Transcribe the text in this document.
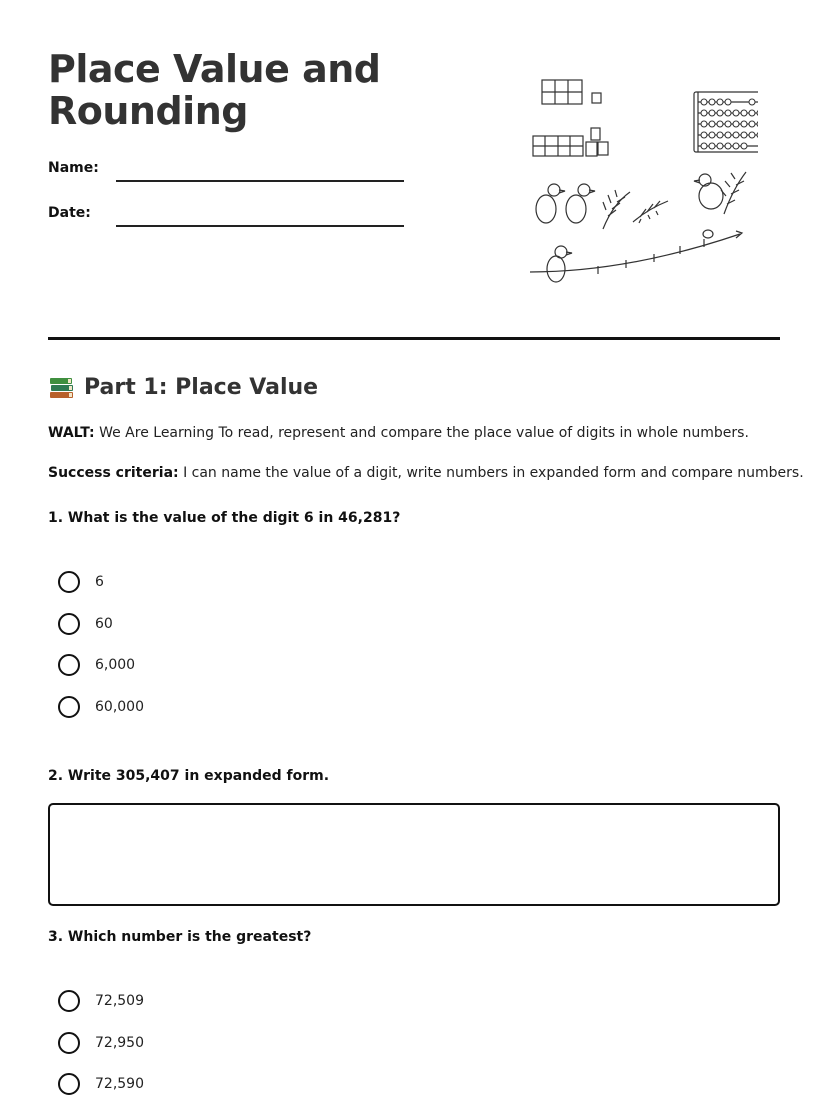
Place Value and
Rounding
Name:
Date:
Part 1: Place Value
WALT: We Are Learning To read, represent and compare the place value of digits in whole numbers.
Success criteria: I can name the value of a digit, write numbers in expanded form and compare numbers.
1. What is the value of the digit 6 in 46,281?
6
60
6,000
60,000
2. Write 305,407 in expanded form.
3. Which number is the greatest?
72,509
72,950
72,590
